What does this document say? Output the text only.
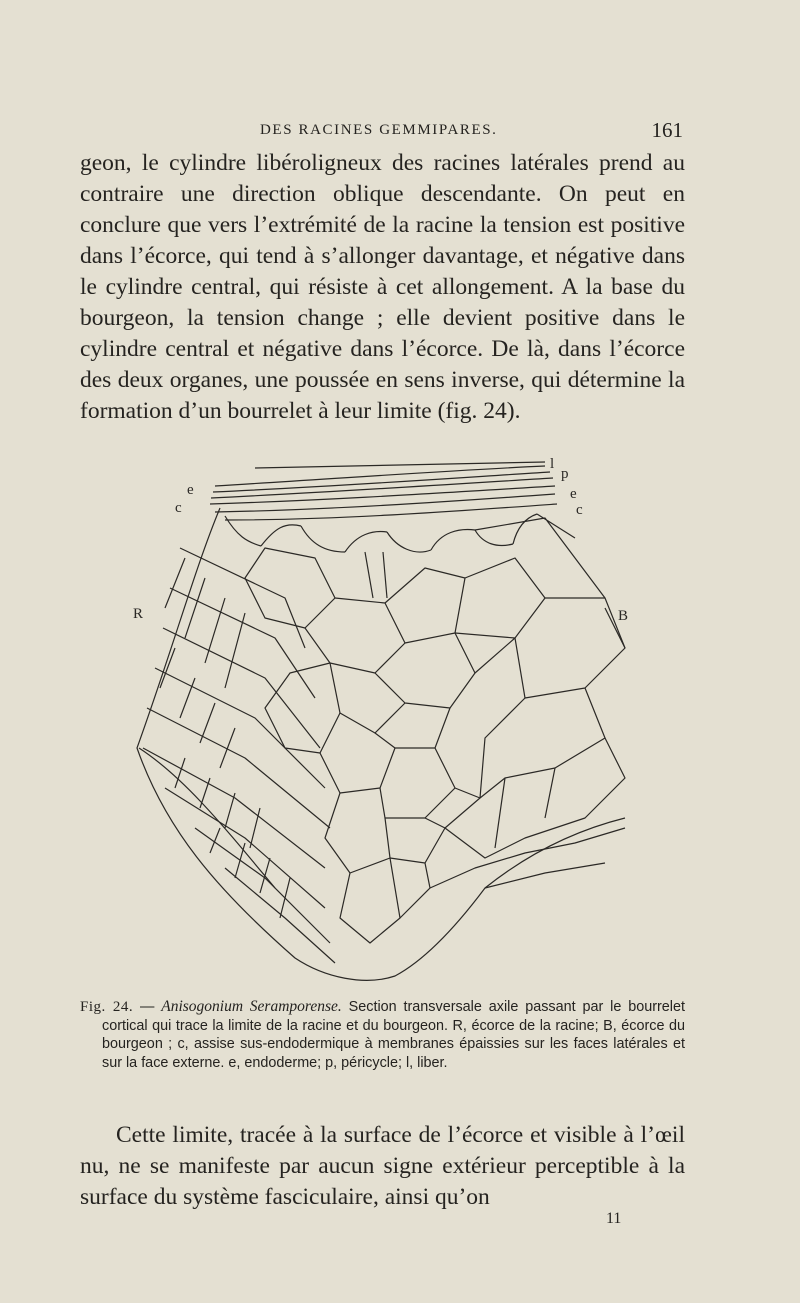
DES RACINES GEMMIPARES.	161

geon, le cylindre libéroligneux des racines latérales prend au contraire une direction oblique descendante. On peut en conclure que vers l’extrémité de la racine la tension est positive dans l’écorce, qui tend à s’allonger davantage, et négative dans le cylindre central, qui résiste à cet allongement. A la base du bourgeon, la tension change ; elle devient positive dans le cylindre central et négative dans l’écorce. De là, dans l’écorce des deux organes, une poussée en sens inverse, qui détermine la formation d’un bourrelet à leur limite (fig. 24).

l
p
e	e
c	c
R	B
Fig. 24. — Anisogonium Seramporense. Section transversale axile passant par le bourrelet cortical qui trace la limite de la racine et du bourgeon. R, écorce de la racine; B, écorce du bourgeon ; c, assise sus-endodermique à membranes épaissies sur les faces latérales et sur la face externe. e, endoderme; p, péricycle; l, liber.

Cette limite, tracée à la surface de l’écorce et visible à l’œil nu, ne se manifeste par aucun signe extérieur perceptible à la surface du système fasciculaire, ainsi qu’on

11
